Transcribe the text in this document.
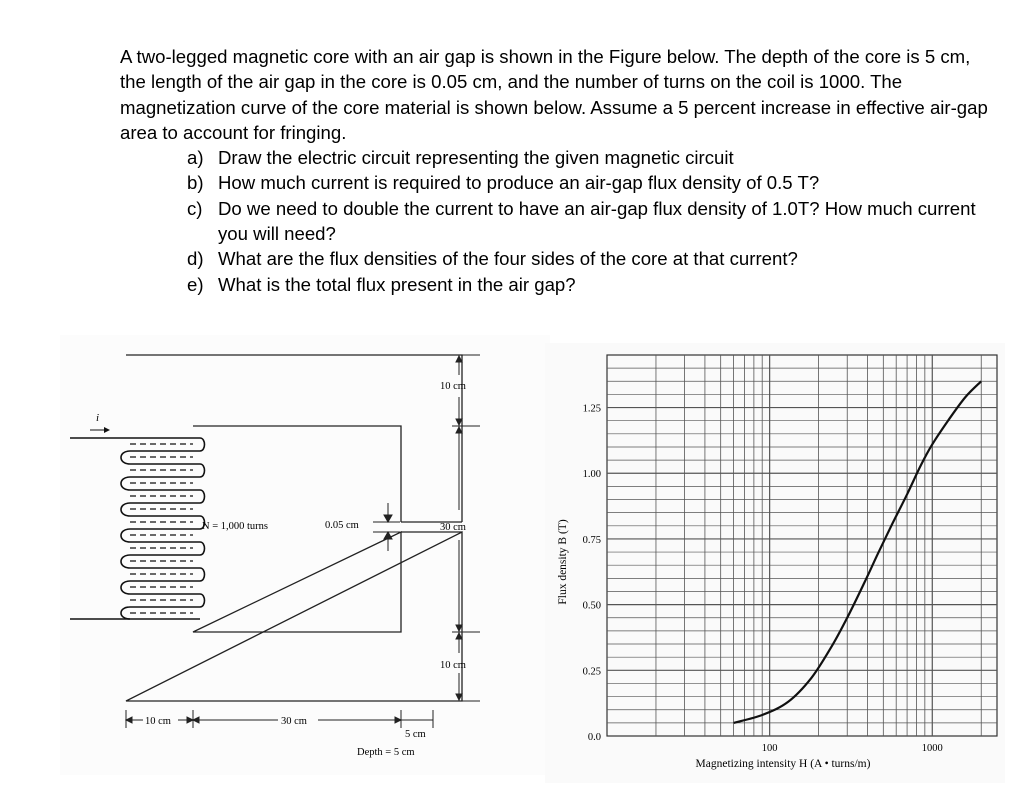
A two-legged magnetic core with an air gap is shown in the Figure below. The depth of the core is 5 cm, the length of the air gap in the core is 0.05 cm, and the number of turns on the coil is 1000. The magnetization curve of the core material is shown below. Assume a 5 percent increase in effective air-gap area to account for fringing.

a) Draw the electric circuit representing the given magnetic circuit
b) How much current is required to produce an air-gap flux density of 0.5 T?
c) Do we need to double the current to have an air-gap flux density of 1.0T? How much current you will need?
d) What are the flux densities of the four sides of the core at that current?
e) What is the total flux present in the air gap?
0.05 cm
i
N = 1,000 turns
10 cm
30 cm
10 cm
10 cm	30 cm
5 cm
Depth = 5 cm
0.0
0.25
0.50
0.75
1.00
1.25
100	1000
Flux density B (T)
Magnetizing intensity H (A • turns/m)
